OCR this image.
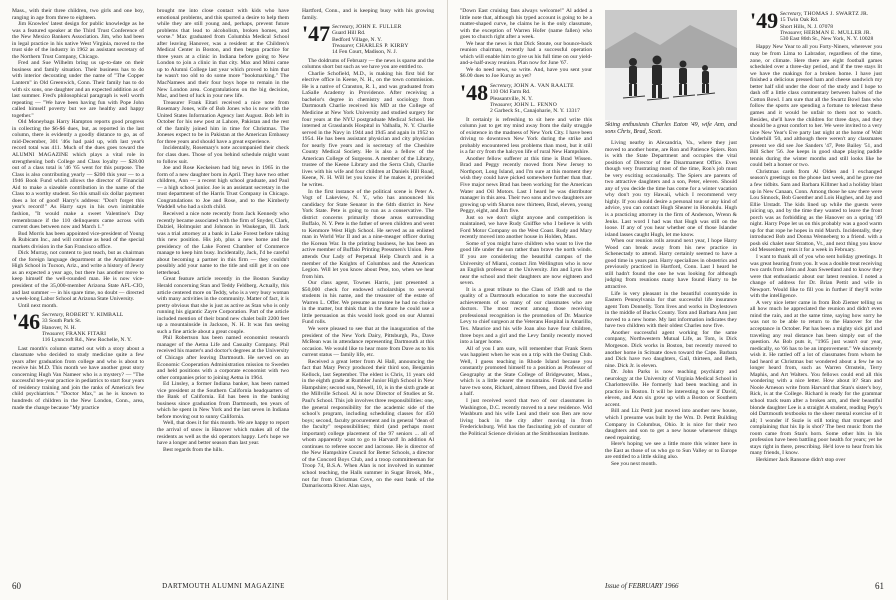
Mass., with their three children, two girls and one boy, ranging in age from three to eighteen.

Jim Knowles' latest design for public knowledge as he was a featured speaker at the Third Trust Conference of the New Mexico Bankers Association. Jim, who had been in legal practice in his native West Virginia, moved to the trust side of the industry in 1962 as assistant secretary of the Northern Trust Company, Chicago.

Fred and Sue Wilhelm bring us up-to-date on their business and family situation. Their business has to do with interior decorating under the name of "The Copper Lantern" in Old Greenwich, Conn. Their family has to do with six sons, one daughter and an expected addition as of last summer. Fred's philosophical paragraph is well worth repeating — "We have been having fun with Pope John called himself poverty but we are healthy and happy together."

Old Moneybags Harry Hampton reports good progress in collecting the $6-$6 dues, but, as reported in the last column, there is evidently a goodly distance to go, as of mid-December, 301 '46s had paid up, with last year's record total was 411. Much of the dues goes toward the ALUMNI MAGAZINE which plays a vital role in strengthening both College and Class loyalty — $28.00 out of a class total is '46 '65 went for this purpose. The Class is also contributing yearly — $200 this year — to a 1946 Book Fund which allows the director of Financial Aid to make a sizeable contribution in the name of the Class to a worthy student. So this small six dollar payment does a lot of good! Harry's address: "Don't forget this year's record!" As Harry says in his own inimitable fashion, "It would make a sweet Valentine's Day remembrance if the 110 delinquents came across with current dues between now and March 1."

Bud Morris has been appointed vice-president of Young & Rubicam Inc., and will continue as head of the special markets division in the San Francisco office.

Dick Murray, not content to just teach, but as chairman of the foreign language department at the Amphitheater High School in Tucson, Ariz., and write a history of Jewry as an expected a year ago, but there has another move to keep himself the well-rounded man. He is now vice-president of the 35,000-member Arizona State AFL-CIO, and last summer — in his spare time, no doubt — directed a week-long Labor School at Arizona State University.

Until next month.

'46 Secretary, ROBERT Y. KIMBALL
33 South Park St.
Hanover, N. H.
Treasurer, FRANK FITARI
116 Lynncroft Rd., New Rochelle, N. Y.

Last month's column started out with a story about a classmate who decided to study medicine quite a few years after graduation from college and who is about to receive his M.D. This month we have another great story concerning Hugh Van Nameer who is a mystery? — "The successful ten-year practice in pediatrics to start four years of residency training and join the ranks of America's few child psychiatrists." "Doctor Max," as he is known to hundreds of children in the New London, Conn., area, made the change because "My practice

brought me into close contact with kids who have emotional problems, and this spurred a desire to help them while they are still young and, perhaps, prevent future problems that lead to alcoholism, broken homes, and worse." Max graduated from Columbia Medical School after leaving Hanover, was a resident at the Children's Medical Center in Boston, and then began practice for three years at a clinic in Indiana before going to New London to join a clinic in that city. Max and Mimi came up to Alumni College last year which proved to him that he wasn't too old to do some more "bookmarking." The MacNamees and their four boys hope to remain in the New London area. Congratulations on the big decision, Mac, and best of luck in your new life.

Treasurer Frank Eitari received a nice note from Rosemary Jones, wife of Bob Jones who is now with the United States Information Agency last August. Bob left in October for his new post at Lahore, Pakistan and the rest of the family joined him in time for Christmas. The Joneses expect to be in Pakistan at the American Embassy for three years and should have a great experience.

Incidentally, Rosemary's note accompanied their check for class dues. Those of you behind schedule might want to follow suit.

Joe and Rose Keckeisen had big news in 1965 in the form of a new daughter born in April. They have two other children, Ann — a recent high school graduate, and Paul — a high school junior. Joe is an assistant secretary in the trust department of the Harris Trust Company in Chicago. Congratulations to Joe and Rose, and to the Kimberly Waddell who had a sixth child.

Received a nice note recently from Jack Kennedy who recently became associated with the firm of Snyder, Clark, Dalziel, Holmquist and Johnson in Waukegan, Ill. Jack was a trial attorney at a bank in Lake Forest before taking this new position. His job, plus a new home and the presidency of the Lake Forest Chamber of Commerce manage to keep him busy. Incidentally, Jack, I'd be careful about becoming a partner in this firm — they couldn't possibly add your name to the title and still get it on one letterhead.

Great feature article recently in the Boston Sunday Herald concerning Stan and Teddy Feldberg. Actually, this article centered more on Teddy, who is a very busy woman with many activities in the community. Matter of fact, it is pretty obvious that she is just as active as Stan who is only running his gigantic Zayre Corporation. Part of the article included mention of their brand new chalet built 2200 feet up a mountainside in Jackson, N. H. It was fun seeing such a fine article about a great couple.

Phil Robertson has been named economist research manager of the Aetna Life and Casualty Company. Phil received his master's and doctor's degrees at the University of Chicago after leaving Dartmouth. He served on an Economic Cooperation Administration mission to Sweden and held positions with a corporate economist with two other companies prior to joining Aetna in 1964.

Ed Linsley, a former Indiana banker, has been named vice president at the Southern California headquarters of the Bank of California. Ed has been in the banking business since graduation from Dartmouth, ten years of which he spent in New York and the last seven in Indiana before moving out to sunny California.

Well, that does it for this month. We are happy to report the arrival of snow in Hanover which makes all of the residents as well as the ski operators happy. Let's hope we have a longer and better season than last year.

Best regards from the hills.

Hartford, Conn., and is keeping busy with his growing family.

'47 Secretary, JOHN E. FULLER
Guard Hill Rd.
Bedford Village, N. Y.
Treasurer, CHARLES P. KIRBY
14 Fen Court, Madison, N. J.

The doldrums of February — the news is sparse and the columns short but such as we have you are entitled to.

Charlie Schofield, M.D., is making his first bid for elective office in Keene, N. H., on the town commission. He is a native of Cranston, R. I., and was graduated from LaSalle Academy in Providence. After receiving a bachelor's degree in chemistry and sociology from Dartmouth Charlie received his MD at the College of Medicine at New York University and studied surgery for four years at the NYU postgraduate Medical School. He interned at Grasslands Hospital in Valhalla, N. Y. Charlie served in the Navy in 1944 and 1945 and again in 1952 to 1954. He has been assistant physician and city physician for nearly five years and is secretary of the Cheshire County Medical Society. He is also a fellow of the American College of Surgeons. A member of the Library, trustee of the Keene Library and the Serra Club, Charlie lives with his wife and four children at Daniels Hill Road, Keene, N. H. Will let you know if he makes it, provided he writes.

In the first instance of the political scene is Peter A. Vogt of Lakeview, N. Y., who has announced his candidacy for State Senator in the 64th district in New York State. Pete is going to run as a conservative. The district concerns primarily those areas surrounding Buffalo, N. Y. Pete is the father of seven children and went to Kenmore West High School. He served as an enlisted man in World War II and as a nine-meager officer during the Korean War. In the printing business, he has been an active member of Buffalo Printing Pressmen's Union. Pete attends Our Lady of Perpetual Help Church and is a member of the Knights of Columbus and the American Legion. Will let you know about Pete, too, when we hear from him.

Our class agent, Townes Harris, just presented a $50,000 check for endowed scholarships to several students in his name, and the treasurer of the estate of Warren L. Offer. We presume as trustee he had no choice in the matter, but think that in the future he could use a little persuasion as this would look good on our Alumni Fund rolls.

We were pleased to see that at the inauguration of the president of the New York Dairy, Pittsburgh, Pa., Dave McBean was in attendance representing Dartmouth at this occasion. We would like to hear more from Dave as to his current status — family life, etc.

Received a great letter from Al Hall, announcing the fact that Mary Percy produced their third son, Benjamin Kellock, last September. The eldest is Chris, 11 years old in the eighth grade at Rumbler Junior High School in New Hampshire; second son, Newell, 10, is in the sixth grade at the Millville School. Al is now Director of Studies at St. Paul's School. This job involves three responsibilities: one, the general responsibility for the academic side of the school's program, including scheduling classes for 450 boys; second, faculty procurement and in general "dean of the faculty" responsibilities; third (and perhaps most important) college placement of the 97 seniors ... all of whom apparently want to go to Harvard! In addition Al continues to referee soccer and lacrosse. He is director of the New Hampshire Council for Better Schools, a director of the Concord Boys Club, and a troop committeeman for Troop 74, B.S.A. When Alan is not involved in summer school teaching, the Halls summer in Sugar Brook, Me., not far from Christmas Cove, on the east bank of the Damariscotta River. Alan says,

60	DARTMOUTH ALUMNI MAGAZINE

"Down East cruising fans always welcome!" Al added a little note that, although his typed account is going to be a matter-shaped curve, he claims he is the only classmate, with the exception of Warren Hofer (name fallen) who goes to church right after a week.

We hear the news is that Dick Stoute, our bounce-back reunion chairman, recently had a successful operation which will enable him to give us his full time on our yield-and-a-half-away reunion. Plan now for June '67.

We do need news, so write. And, have you sent your $6.00 dues to Joe Kuruy as yet?

'48 Secretary, JOHN A. VAN RAALTE
110 Old Farm Rd.
Pleasantville, N. Y.
Treasurer, JOHN L. FENNO
2 Garbeck St., Canajoharie, N. Y. 13317

It certainly is refreshing to sit here and write this column just to get my mind away from the daily struggle of existence in the madness of New York City. I have been driving to downtown New York during the strike and probably encountered less problems than most, but it still is a far cry from the halcyon life of rural New Hampshire.

Another fellow sufferer at this time is Brad Wissen. Brad and Peggy recently moved from New Jersey to Northport, Long Island, and I'm sure at this moment they wish they could have picked somewhere further than that. Five major news Brad has been working for the American Water and Oil Motors. Last I heard he was distributor manager in this area. Their two sons and two daughters are growing up with Sharon now thirteen, Brad, eleven, young Peggy, eight, and Jim five.

Just so we don't slight anyone and competition is maintained, we have Rudy Gniffke who I believe is with Ford Motor Company on the West Coast. Rudy and Mary recently moved into another house in Holden, Mass.

Some of you might have children who want to live the good life under the sun rather than brave the north winds. If you are considering the beautiful campus of the University of Miami, contact Jim Wellington who is now an English professor at the University. Jim and Lynn live near the school and their daughters are now eighteen and seven.

It is a great tribute to the Class of 1948 and to the quality of a Dartmouth education to note the successful achievements of so many of our classmates who are doctors. The most recent among those receiving professional recognition is the promotion of Dr. Maurice Levy to chief surgeon at the Veterans Hospital in Amarillo, Tex. Maurice and his wife Joan also have four children, three boys and a girl and the Levy family recently moved into a larger home.

All of you I am sure, will remember that Frank Stern was happiest when he was on a trip with the Outing Club. Well, I guess teaching in Rhode Island because you constantly promoted himself to a position as Professor of Geography at the State College of Bridgewater, Mass., which is a little nearer the mountains. Frank and Lellie have two sons, Richard, almost fifteen, and David five and a half.

I just received word that two of our classmates in Washington, D.C. recently moved to a new residence. Wid Washburn and his wife Leni and their son Ben are now living back in the city after moving in from Fredericksburg. Wid has the fascinating job of curator of the Political Science division at the Smithsonian Institute.

Skiing enthusiasts Charles Eaton '49, wife Ann, and sons Chris, Brad, Scott.

Living nearby in Alexandria, Va., where they just moved to another home, are Ron and Patience Spiers. Ron is with the State Department and occupies the vital position of Director of the Disarmament Office. Even though very frustrating most of the time, Ron's job must be very exciting occasionally. The Spiers are parents of two attractive daughters and a son, Peter, eleven. Should any of you decide the time has come for a winter vacation why don't you try Hawaii, which I recommend very highly. If you should desire a personal tour or any kind of advice, you can contact Hugh Shearer in Honolulu. Hugh is a practicing attorney in the firm of Anderson, Wrenn & Jenks. Last word I had was that Hugh was still on the loose. If any of you hear whether one of those Islander island lasses caught Hugh, let me know.

When our reunion rolls around next year, I hope Harry Wood can break away from his new practice in Schenectady to attend. Harry certainly seemed to have a good time in years past. Harry specializes in obstetrics and previously practiced in Hartford, Conn. Last I heard he still hadn't found the one he was looking for although judging from reunions many have found Harry to be attractive.

Life is very pleasant in the beautiful countryside in Eastern Pennsylvania for that successful life insurance agent Tom Donnelly. Tom lives and works in Doylestown in the middle of Bucks County. Tom and Barbara Ann just moved to a new home. My last information indicates they have two children with their oldest Charles now five.

Another successful agent working for the same company, Northwestern Mutual Life, as Tom, is Dick Morgeson. Dick works in Boston, but recently moved to another home in Scituate down toward the Cape. Barbara and Dick have two daughters, Gail, thirteen, and Beth, nine. Dick Jr. is eleven.

Dr. John Parks is now teaching psychiatry and neurology at the University of Virginia Medical School in Charlottesville. He formerly had been teaching and in practice in Boston. It will be interesting to see if David, eleven, and Ann six grow up with a Boston or Southern accent.

Bill and Liz Pettit just moved into another new house, which I presume was built by the Wm. D. Pettit Building Company in Columbus, Ohio. It is nice for their two daughters and son to get a new house whenever things need repainting.

Here's hoping we see a little more this winter here in the East as those of us who go to Sun Valley or to Europe are entitled to a little skiing also.

See you next month.

'49 Secretary, THOMAS J. SWARTZ JR.
15 Twin Oak Rd.
Short Hills, N. J. 07078
Treasurer, HERMAN E. MULLER JR.
530 East 86th St., New York, N. Y. 10028

Happy New Year to all you Forty-Niners, wherever you may be from Lima to Labrador, regardless of the time, zone, or climate. Here there are eight football games scheduled over a three-day period, and if the tree stays lit we have the makings for a broken home. I have just finished a delicious pressed ham and cheese sandwich my better half slid under the door of the study and I hope to dash off a little class commentary between halves of the Cotton Bowl. I am sure that all the Swartz Bowl fans who follow the sports are spending a fortune to telecast these games and it would be unfair to them not to watch. Besides, she'll have the children for three days, and they should be a great comfort to her. We were invited to a very nice New Year's Eve party last night at the home of Walt Underhill '50, and although there weren't any classmates present we did see Joe Sanders '47, Pete Bailey '51, and Bill Scher '56. Joe keeps in good shape playing paddle tennis during the winter months and still looks like he could belt a homer or two.

Christmas cards from Al Olden and I exchanged season's greetings on the phone last week, and he gave me a few tidbits. Sam and Barbara Killmer had a holiday blast up in New Canaan, Conn. Among those he saw there were Lou Sinnock, Bob Guenther and Lois Hughes, and Jay and Ellie Urstadt. The kids lined up while the guests were juicing up, and by the time they wanted to leave the front porch was as forbidding as the Hanover on a spring '49 night. Harry Pope let us on this probably was a good warm up for that rope he hopes in mid March. Incidentally, they introduced Bob and Donna Wenneberg to a friend. with a posh ski chalet near Stratton, Vt., and next thing you know old Messenberg rents it for a week in February.

I want to thank all of you who sent holiday greetings. It was great hearing from you. It was a double treat receiving two cards from John and Joan Sweetland and to know they were that enthusiastic about our latest reunion. I noted a change of address for Dr. Brian Pettit and wife in Newport. Would like to fill you in further if they'll write with the intelligence.

A very nice letter came in from Bob Ziemer telling us all how much he appreciated the reunion and didn't even mind the rain, and at the same time, saying how sorry he was not to be able to return to the Hanover for the acceptance in October. Pat has been a mighty sick girl and traveling any real distance has been simply out of the question. As Bob puts it, "1965 just wasn't our year, medically, so '66 has to be an improvement." We sincerely wish it. He rattled off a lot of classmates from whom he had heard at Christmas but wondered about a few he no longer heard from, such as Warren Ornstein, Terry Maphis, and Art Walters. You fellows could end all this wondering with a nice letter. How about it? Stan and Noole Arneson write from Harvard that Stan's sister's boy, Rick, is at the College. Richard is ready for the grammar school track team after a broken arm, and their beautiful blonde daughter Lee is a straight A student, reading Pepy's old Dartmouth textbooks to the sheer mental exercise of it all; I wonder if Suzie is still toting that trumpet and complaining that his lip is shot? The best music from the room came from Stan's horn. Some other hits in his profession have been battling poor health for years; yet he stays right in there, prescribing. He'd love to hear from his many friends, I know.

Herkimer Jack Ransone didn't stop over

Issue of FEBRUARY 1966	61
